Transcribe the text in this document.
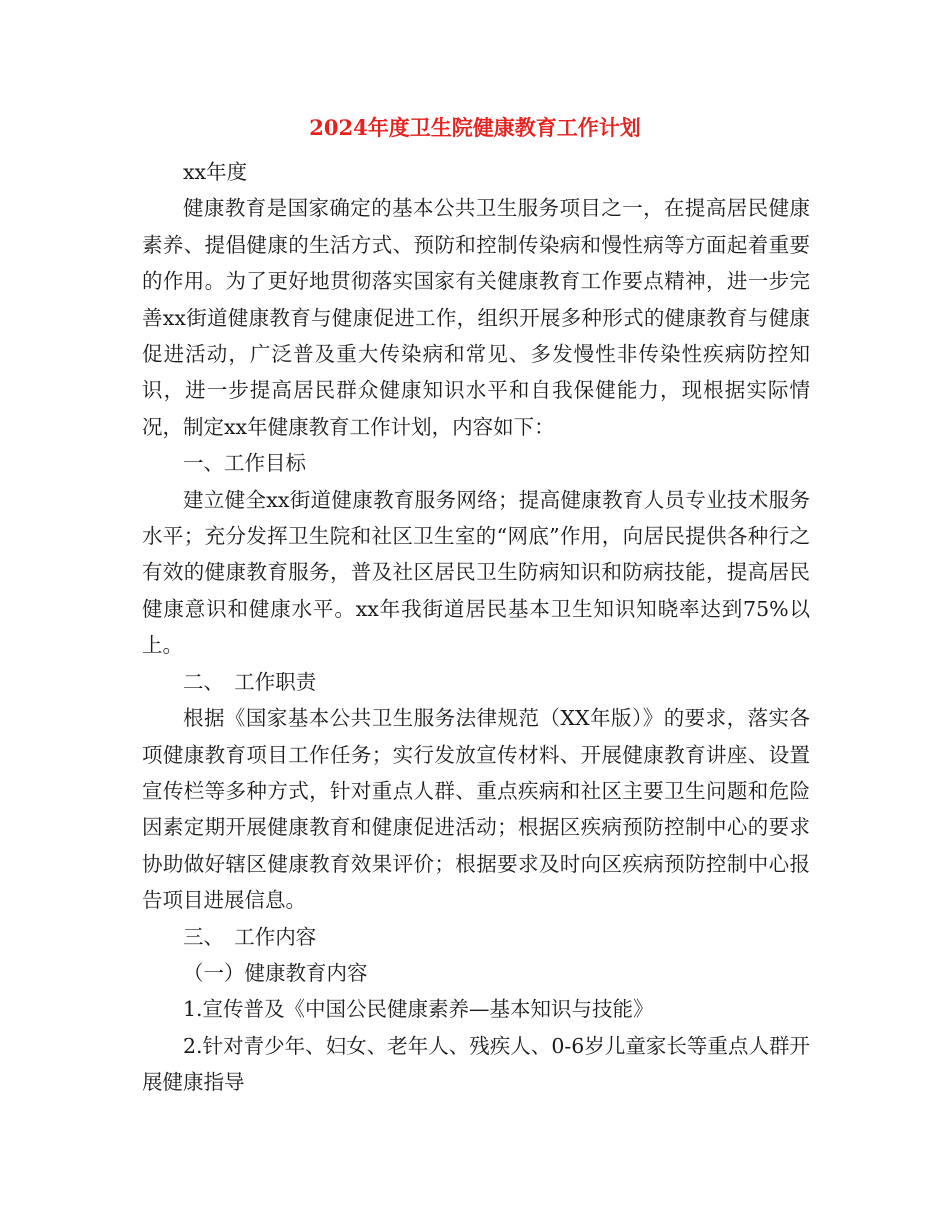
2024年度卫生院健康教育工作计划

xx年度

健康教育是国家确定的基本公共卫生服务项目之一，在提高居民健康素养、提倡健康的生活方式、预防和控制传染病和慢性病等方面起着重要的作用。为了更好地贯彻落实国家有关健康教育工作要点精神，进一步完善xx街道健康教育与健康促进工作，组织开展多种形式的健康教育与健康促进活动，广泛普及重大传染病和常见、多发慢性非传染性疾病防控知识，进一步提高居民群众健康知识水平和自我保健能力，现根据实际情况，制定xx年健康教育工作计划，内容如下：

一、工作目标

建立健全xx街道健康教育服务网络；提高健康教育人员专业技术服务水平；充分发挥卫生院和社区卫生室的“网底”作用，向居民提供各种行之有效的健康教育服务，普及社区居民卫生防病知识和防病技能，提高居民健康意识和健康水平。xx年我街道居民基本卫生知识知晓率达到75%以上。

二、　工作职责

根据《国家基本公共卫生服务法律规范（XX年版）》的要求，落实各项健康教育项目工作任务；实行发放宣传材料、开展健康教育讲座、设置宣传栏等多种方式，针对重点人群、重点疾病和社区主要卫生问题和危险因素定期开展健康教育和健康促进活动；根据区疾病预防控制中心的要求协助做好辖区健康教育效果评价；根据要求及时向区疾病预防控制中心报告项目进展信息。

三、　工作内容

（一）健康教育内容

1.宣传普及《中国公民健康素养—基本知识与技能》

2.针对青少年、妇女、老年人、残疾人、0-6岁儿童家长等重点人群开展健康指导
